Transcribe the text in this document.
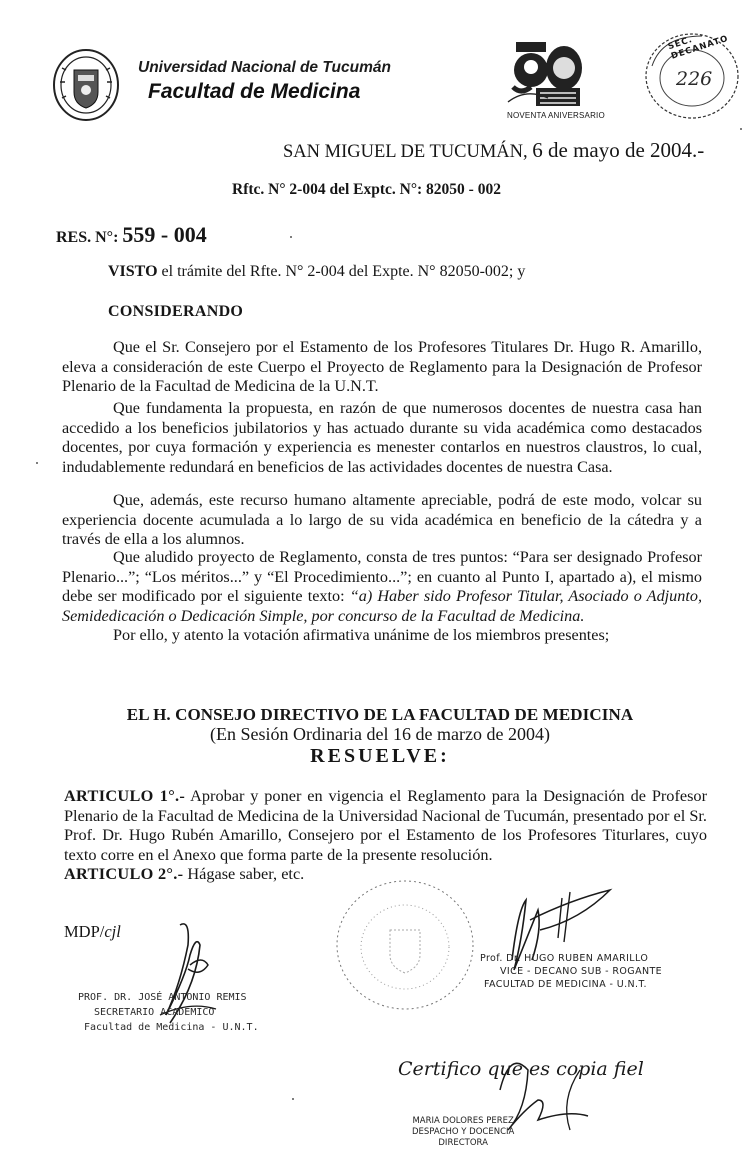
Universidad Nacional de Tucumán
Facultad de Medicina
NOVENTA ANIVERSARIO
SEC. DECANATO
226
SAN MIGUEL DE TUCUMÁN, 6 de mayo de 2004.-
Rftc. N° 2-004 del Exptc. N°: 82050 - 002
RES. N°: 559 - 004
VISTO el trámite del Rfte. N° 2-004 del Expte. N° 82050-002; y
CONSIDERANDO

Que el Sr. Consejero por el Estamento de los Profesores Titulares Dr. Hugo R. Amarillo, eleva a consideración de este Cuerpo el Proyecto de Reglamento para la Designación de Profesor Plenario de la Facultad de Medicina de la U.N.T.

Que fundamenta la propuesta, en razón de que numerosos docentes de nuestra casa han accedido a los beneficios jubilatorios y has actuado durante su vida académica como destacados docentes, por cuya formación y experiencia es menester contarlos en nuestros claustros, lo cual, indudablemente redundará en beneficios de las actividades docentes de nuestra Casa.

Que, además, este recurso humano altamente apreciable, podrá de este modo, volcar su experiencia docente acumulada a lo largo de su vida académica en beneficio de la cátedra y a través de ella a los alumnos.

Que aludido proyecto de Reglamento, consta de tres puntos: “Para ser designado Profesor Plenario...”; “Los méritos...” y “El Procedimiento...”; en cuanto al Punto I, apartado a), el mismo debe ser modificado por el siguiente texto: “a) Haber sido Profesor Titular, Asociado o Adjunto, Semidedicación o Dedicación Simple, por concurso de la Facultad de Medicina.

Por ello, y atento la votación afirmativa unánime de los miembros presentes;

EL H. CONSEJO DIRECTIVO DE LA FACULTAD DE MEDICINA
(En Sesión Ordinaria del 16 de marzo de 2004)
RESUELVE:
ARTICULO 1°.- Aprobar y poner en vigencia el Reglamento para la Designación de Profesor Plenario de la Facultad de Medicina de la Universidad Nacional de Tucumán, presentado por el Sr. Prof. Dr. Hugo Rubén Amarillo, Consejero por el Estamento de los Profesores Titurlares, cuyo texto corre en el Anexo que forma parte de la presente resolución.
ARTICULO 2°.- Hágase saber, etc.
MDP/cjl
PROF. DR. JOSÉ ANTONIO REMIS
SECRETARIO ACADEMICO
Facultad de Medicina - U.N.T.
Prof. Dr. HUGO RUBEN AMARILLO
VICE - DECANO SUB - ROGANTE
FACULTAD DE MEDICINA - U.N.T.
Certifico que es copia fiel
MARIA DOLORES PEREZ
DESPACHO Y DOCENCIA
DIRECTORA
